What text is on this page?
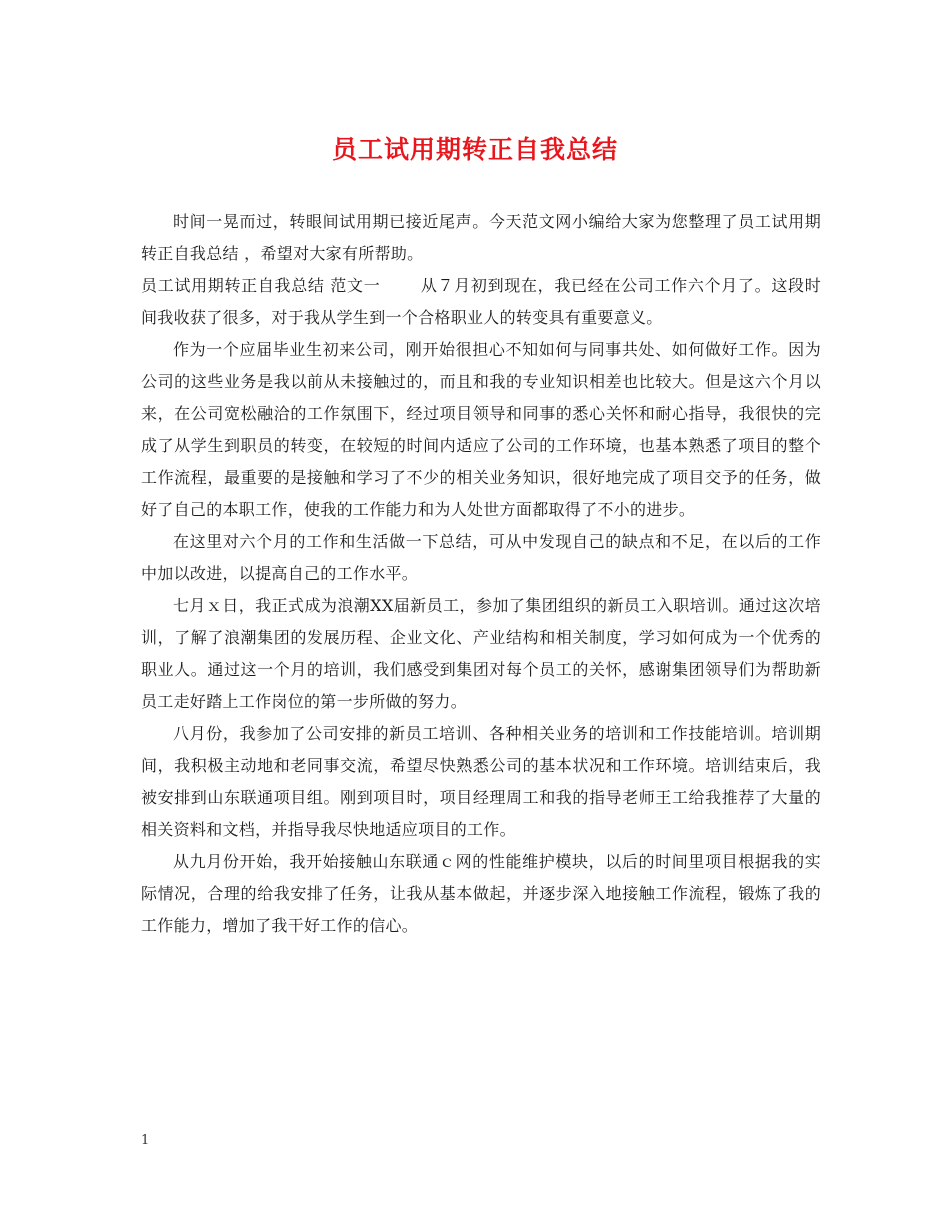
员工试用期转正自我总结

时间一晃而过，转眼间试用期已接近尾声。今天范文网小编给大家为您整理了员工试用期转正自我总结 ，希望对大家有所帮助。

员工试用期转正自我总结 范文一	从７月初到现在，我已经在公司工作六个月了。这段时间我收获了很多，对于我从学生到一个合格职业人的转变具有重要意义。

作为一个应届毕业生初来公司，刚开始很担心不知如何与同事共处、如何做好工作。因为公司的这些业务是我以前从未接触过的，而且和我的专业知识相差也比较大。但是这六个月以来，在公司宽松融洽的工作氛围下，经过项目领导和同事的悉心关怀和耐心指导，我很快的完成了从学生到职员的转变，在较短的时间内适应了公司的工作环境，也基本熟悉了项目的整个工作流程，最重要的是接触和学习了不少的相关业务知识，很好地完成了项目交予的任务，做好了自己的本职工作，使我的工作能力和为人处世方面都取得了不小的进步。

在这里对六个月的工作和生活做一下总结，可从中发现自己的缺点和不足，在以后的工作中加以改进，以提高自己的工作水平。

七月ｘ日，我正式成为浪潮XX届新员工，参加了集团组织的新员工入职培训。通过这次培训，了解了浪潮集团的发展历程、企业文化、产业结构和相关制度，学习如何成为一个优秀的职业人。通过这一个月的培训，我们感受到集团对每个员工的关怀，感谢集团领导们为帮助新员工走好踏上工作岗位的第一步所做的努力。

八月份，我参加了公司安排的新员工培训、各种相关业务的培训和工作技能培训。培训期间，我积极主动地和老同事交流，希望尽快熟悉公司的基本状况和工作环境。培训结束后，我被安排到山东联通项目组。刚到项目时，项目经理周工和我的指导老师王工给我推荐了大量的相关资料和文档，并指导我尽快地适应项目的工作。

从九月份开始，我开始接触山东联通ｃ网的性能维护模块，以后的时间里项目根据我的实际情况，合理的给我安排了任务，让我从基本做起，并逐步深入地接触工作流程，锻炼了我的工作能力，增加了我干好工作的信心。

1
